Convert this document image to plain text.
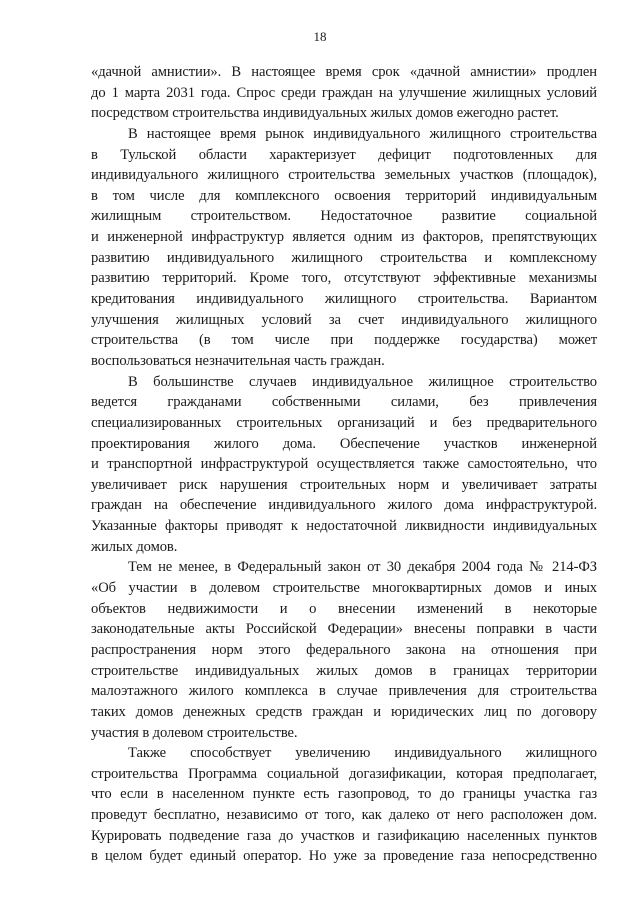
18
«дачной амнистии». В настоящее время срок «дачной амнистии» продлен
до 1 марта 2031 года. Спрос среди граждан на улучшение жилищных условий
посредством строительства индивидуальных жилых домов ежегодно растет.
В настоящее время рынок индивидуального жилищного строительства
в Тульской области характеризует дефицит подготовленных для
индивидуального жилищного строительства земельных участков (площадок),
в том числе для комплексного освоения территорий индивидуальным
жилищным строительством. Недостаточное развитие социальной
и инженерной инфраструктур является одним из факторов, препятствующих
развитию индивидуального жилищного строительства и комплексному
развитию территорий. Кроме того, отсутствуют эффективные механизмы
кредитования индивидуального жилищного строительства. Вариантом
улучшения жилищных условий за счет индивидуального жилищного
строительства (в том числе при поддержке государства) может
воспользоваться незначительная часть граждан.
В большинстве случаев индивидуальное жилищное строительство
ведется гражданами собственными силами, без привлечения
специализированных строительных организаций и без предварительного
проектирования жилого дома. Обеспечение участков инженерной
и транспортной инфраструктурой осуществляется также самостоятельно, что
увеличивает риск нарушения строительных норм и увеличивает затраты
граждан на обеспечение индивидуального жилого дома инфраструктурой.
Указанные факторы приводят к недостаточной ликвидности индивидуальных
жилых домов.
Тем не менее, в Федеральный закон от 30 декабря 2004 года № 214-ФЗ
«Об участии в долевом строительстве многоквартирных домов и иных
объектов недвижимости и о внесении изменений в некоторые
законодательные акты Российской Федерации» внесены поправки в части
распространения норм этого федерального закона на отношения при
строительстве индивидуальных жилых домов в границах территории
малоэтажного жилого комплекса в случае привлечения для строительства
таких домов денежных средств граждан и юридических лиц по договору
участия в долевом строительстве.
Также способствует увеличению индивидуального жилищного
строительства Программа социальной догазификации, которая предполагает,
что если в населенном пункте есть газопровод, то до границы участка газ
проведут бесплатно, независимо от того, как далеко от него расположен дом.
Курировать подведение газа до участков и газификацию населенных пунктов
в целом будет единый оператор. Но уже за проведение газа непосредственно
